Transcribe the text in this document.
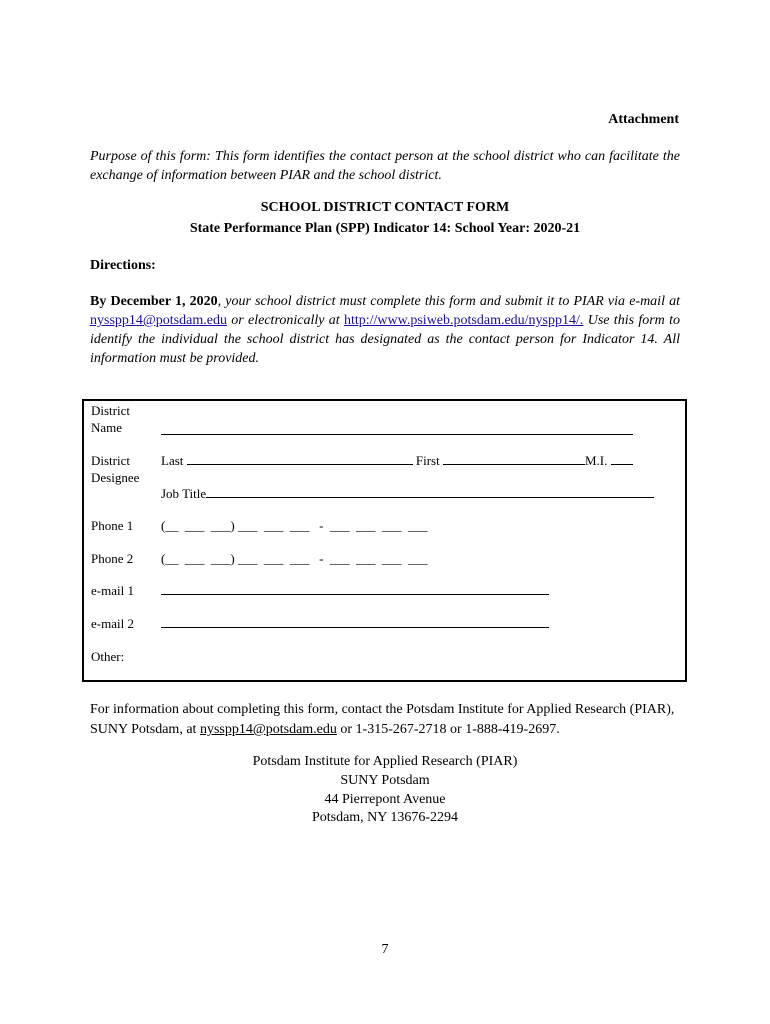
Attachment
Purpose of this form: This form identifies the contact person at the school district who can facilitate the exchange of information between PIAR and the school district.
SCHOOL DISTRICT CONTACT FORM
State Performance Plan (SPP) Indicator 14: School Year: 2020-21
Directions:
By December 1, 2020, your school district must complete this form and submit it to PIAR via e-mail at nysspp14@potsdam.edu or electronically at http://www.psiweb.potsdam.edu/nyspp14/. Use this form to identify the individual the school district has designated as the contact person for Indicator 14. All information must be provided.
District
Name
District
Designee
Last	First	M.I.
Job Title
Phone 1 (__  ___  ___) ___  ___  ___   -  ___  ___  ___  ___
Phone 2 (__  ___  ___) ___  ___  ___   -  ___  ___  ___  ___
e-mail 1
e-mail 2
Other:
For information about completing this form, contact the Potsdam Institute for Applied Research (PIAR), SUNY Potsdam, at nysspp14@potsdam.edu or 1-315-267-2718 or 1-888-419-2697.
Potsdam Institute for Applied Research (PIAR)
SUNY Potsdam
44 Pierrepont Avenue
Potsdam, NY 13676-2294
7
